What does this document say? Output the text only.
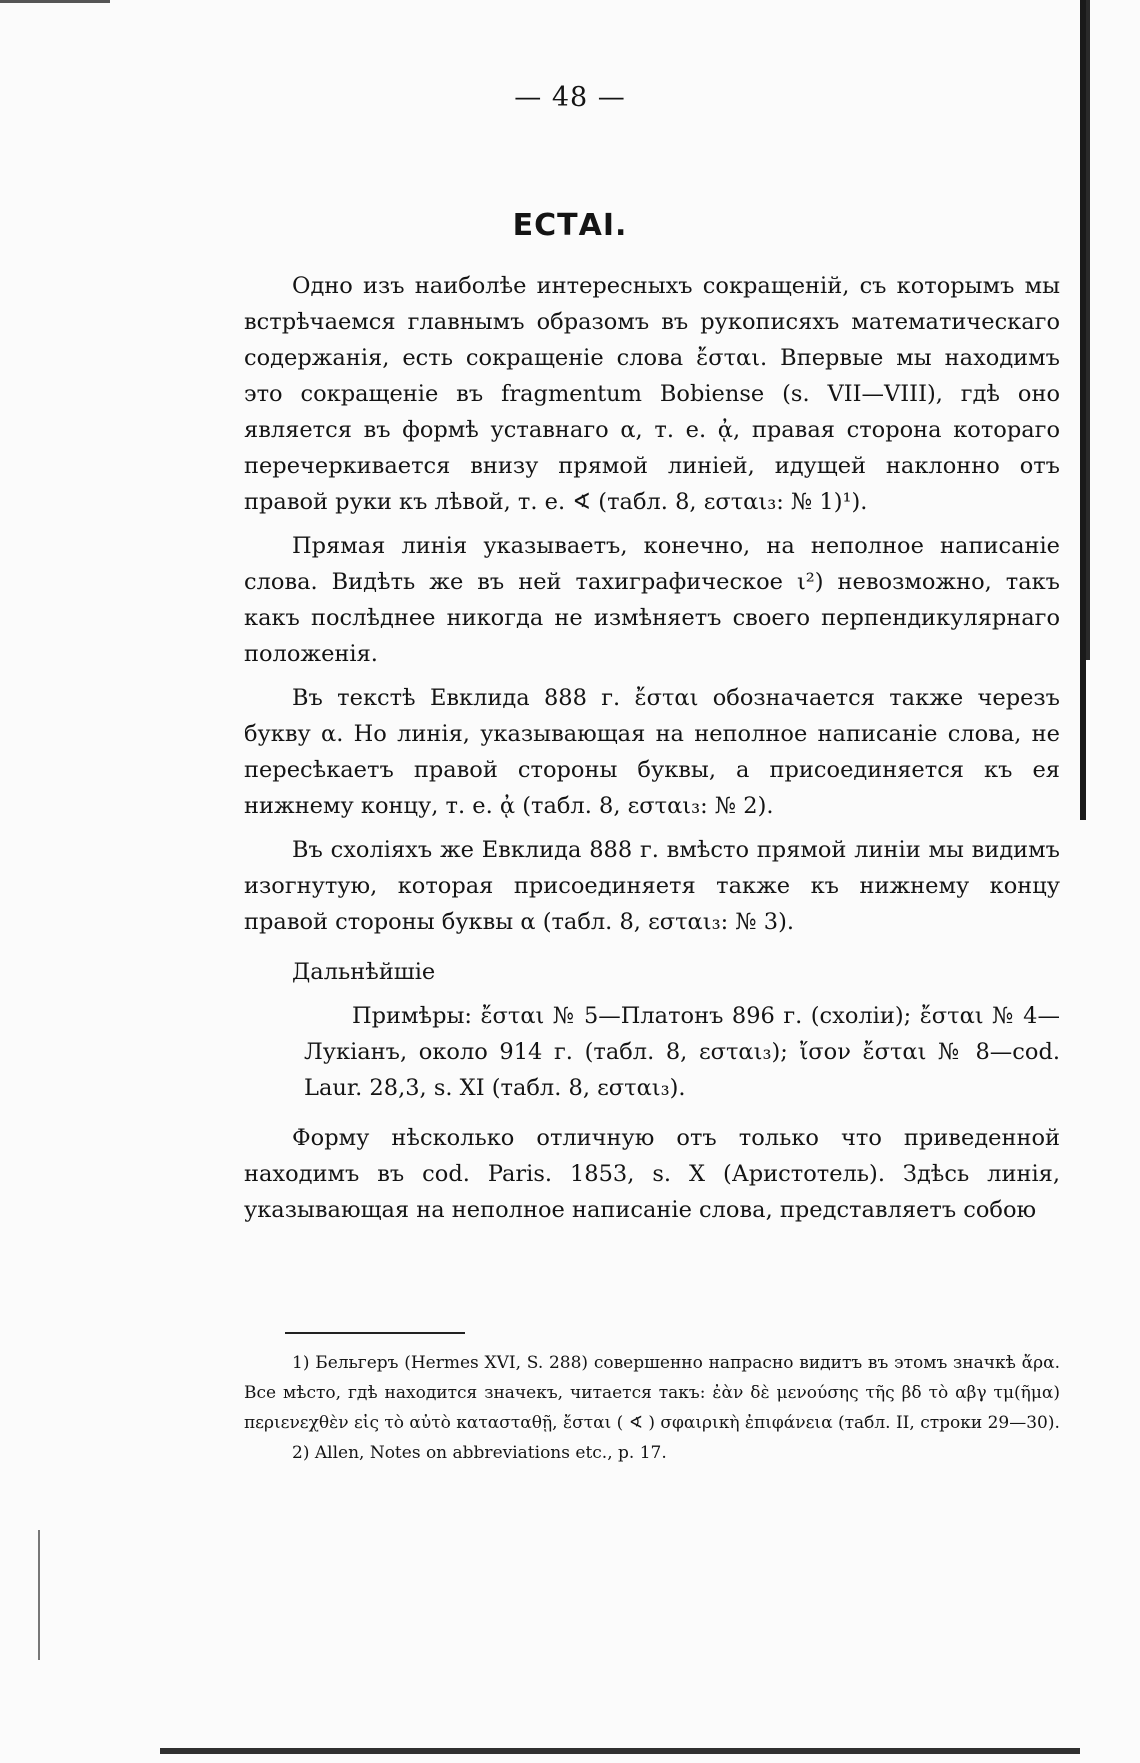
— 48 —
ЕСТАІ.

Одно изъ наиболѣе интересныхъ сокращеній, съ которымъ мы встрѣчаемся главнымъ образомъ въ рукописяхъ математическаго содержанія, есть сокращеніе слова ἔσται. Впервые мы находимъ это сокращеніе въ fragmentum Bobiense (s. VII—VIII), гдѣ оно является въ формѣ уставнаго α, т. е. ᾀ, правая сторона котораго перечеркивается внизу прямой линіей, идущей наклонно отъ правой руки къ лѣвой, т. е. ∢ (табл. 8, εσται₃: № 1)¹).

Прямая линія указываетъ, конечно, на неполное написаніе слова. Видѣть же въ ней тахиграфическое ι²) невозможно, такъ какъ послѣднее никогда не измѣняетъ своего перпендикулярнаго положенія.

Въ текстѣ Евклида 888 г. ἔσται обозначается также черезъ букву α. Но линія, указывающая на неполное написаніе слова, не пересѣкаетъ правой стороны буквы, а присоединяется къ ея нижнему концу, т. е. ᾀ (табл. 8, εσται₃: № 2).

Въ схоліяхъ же Евклида 888 г. вмѣсто прямой линіи мы видимъ изогнутую, которая присоединяетя также къ нижнему концу правой стороны буквы α (табл. 8, εσται₃: № 3).

Дальнѣйшіе

Примѣры: ἔσται № 5—Платонъ 896 г. (схоліи); ἔσται № 4—Лукіанъ, около 914 г. (табл. 8, εσται₃); ἴσον ἔσται № 8—cod. Laur. 28,3, s. XI (табл. 8, εσται₃).

Форму нѣсколько отличную отъ только что приведенной находимъ въ cod. Paris. 1853, s. X (Аристотель). Здѣсь линія, указывающая на неполное написаніе слова, представляетъ собою

1) Бельгеръ (Hermes XVI, S. 288) совершенно напрасно видитъ въ этомъ значкѣ ἄρα. Все мѣсто, гдѣ находится значекъ, читается такъ: ἐὰν δὲ μενούσης τῆς βδ τὸ αβγ τμ(ῆμα) περιενεχθὲν εἰς τὸ αὐτὸ κατασταθῇ, ἔσται ( ∢ ) σφαιρικὴ ἐπιφάνεια (табл. II, строки 29—30).

2) Allen, Notes on abbreviations etc., p. 17.
